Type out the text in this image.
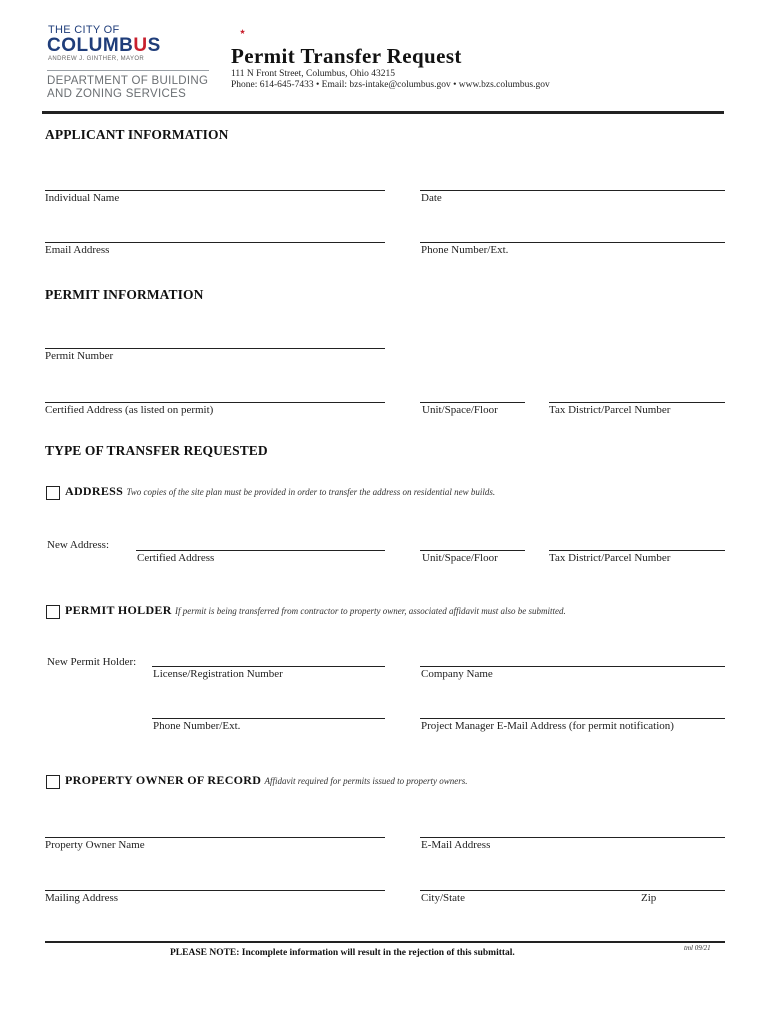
THE CITY OF
COLUMB
★
US
ANDREW J. GINTHER, MAYOR
DEPARTMENT OF BUILDING
AND ZONING SERVICES
Permit Transfer Request
111 N Front Street, Columbus, Ohio 43215
Phone: 614-645-7433 • Email: bzs-intake@columbus.gov • www.bzs.columbus.gov
APPLICANT INFORMATION
Individual Name	Date
Email Address	Phone Number/Ext.
PERMIT INFORMATION
Permit Number
Certified Address (as listed on permit)	Unit/Space/Floor	Tax District/Parcel Number
TYPE OF TRANSFER REQUESTED
ADDRESS Two copies of the site plan must be provided in order to transfer the address on residential new builds.
New Address:
Certified Address	Unit/Space/Floor	Tax District/Parcel Number
PERMIT HOLDER If permit is being transferred from contractor to property owner, associated affidavit must also be submitted.
New Permit Holder:
License/Registration Number	Company Name
Phone Number/Ext.	Project Manager E-Mail Address (for permit notification)
PROPERTY OWNER OF RECORD Affidavit required for permits issued to property owners.
Property Owner Name	E-Mail Address
Mailing Address	City/State	Zip
PLEASE NOTE: Incomplete information will result in the rejection of this submittal.	tml 09/21
